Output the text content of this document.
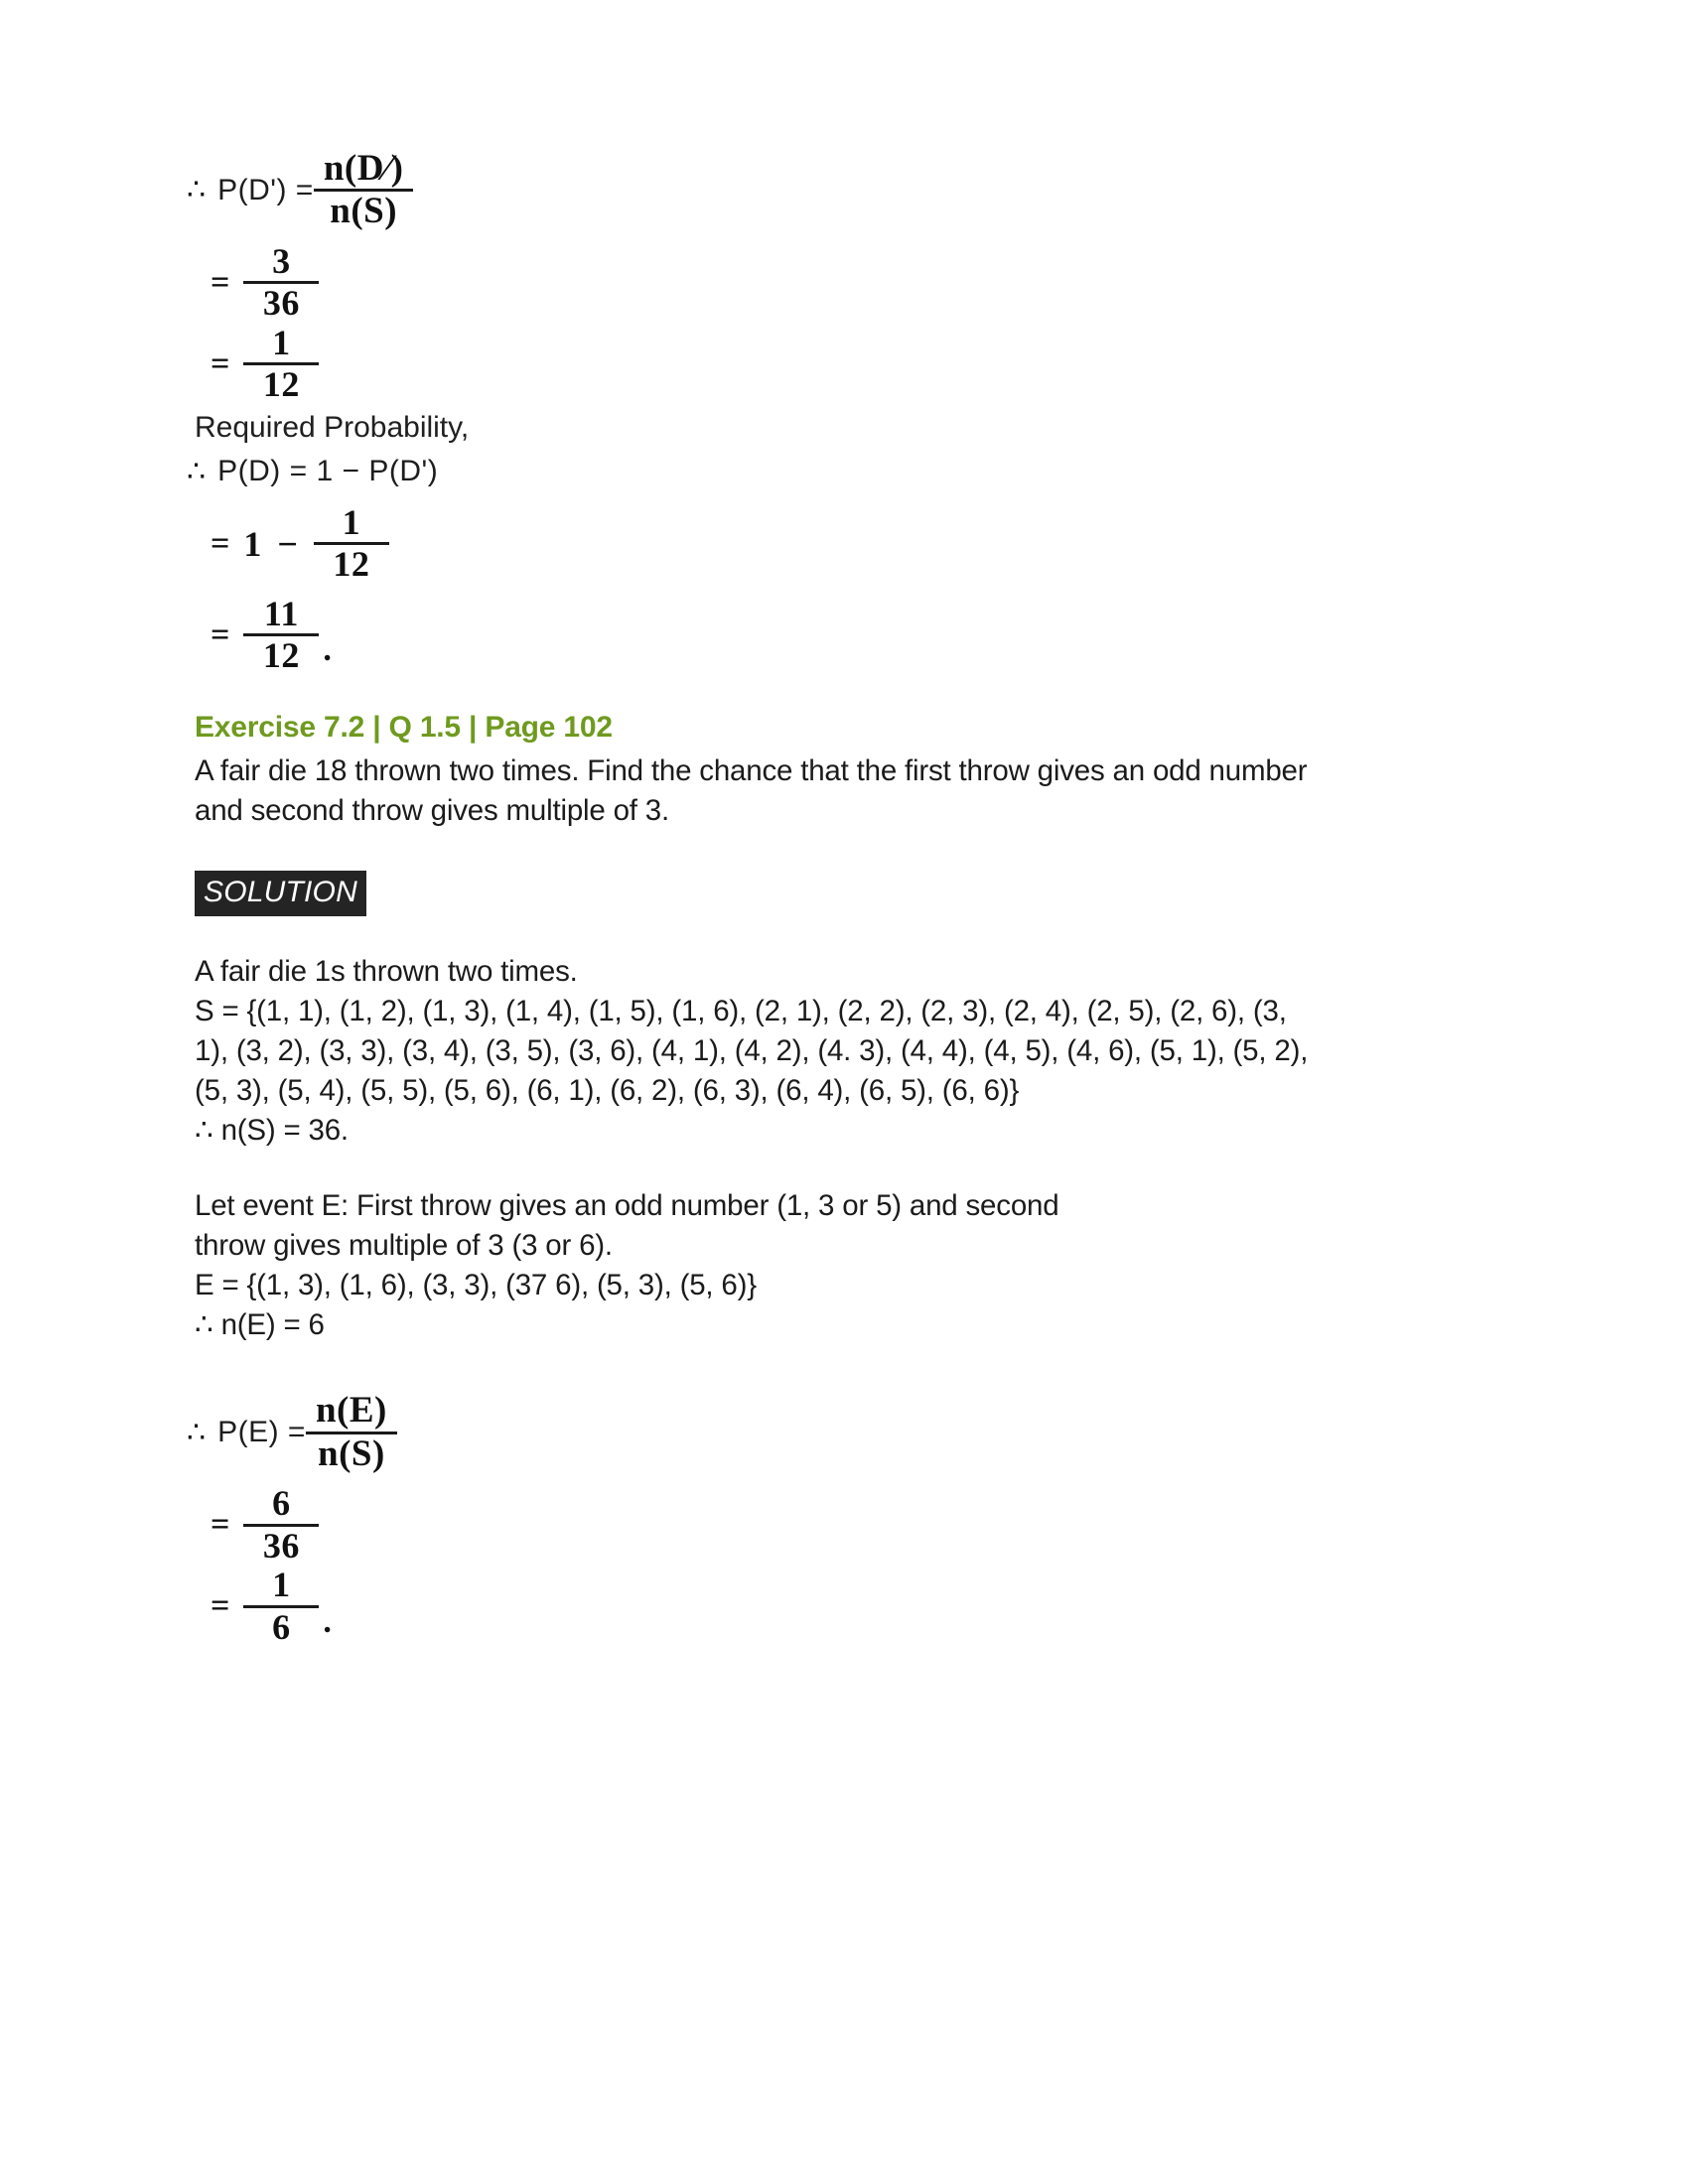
∴ $P(D') = \frac{n(D⁄)}{n(S)}$
= $\frac{3}{36}$
= $\frac{1}{12}$
Required Probability,
∴ P(D) = 1 − P(D')
= $1 - \frac{1}{12}$
= $\frac{11}{12}$ .
Exercise 7.2 | Q 1.5 | Page 102
A fair die 18 thrown two times. Find the chance that the first throw gives an odd number
and second throw gives multiple of 3.
SOLUTION
A fair die 1s thrown two times.
S = {(1, 1), (1, 2), (1, 3), (1, 4), (1, 5), (1, 6), (2, 1), (2, 2), (2, 3), (2, 4), (2, 5), (2, 6), (3,
1), (3, 2), (3, 3), (3, 4), (3, 5), (3, 6), (4, 1), (4, 2), (4. 3), (4, 4), (4, 5), (4, 6), (5, 1), (5, 2),
(5, 3), (5, 4), (5, 5), (5, 6), (6, 1), (6, 2), (6, 3), (6, 4), (6, 5), (6, 6)}
∴ n(S) = 36.
Let event E: First throw gives an odd number (1, 3 or 5) and second
throw gives multiple of 3 (3 or 6).
E = {(1, 3), (1, 6), (3, 3), (37 6), (5, 3), (5, 6)}
∴ n(E) = 6
∴ $P(E) = \frac{n(E)}{n(S)}$
= $\frac{6}{36}$
= $\frac{1}{6}$ .
